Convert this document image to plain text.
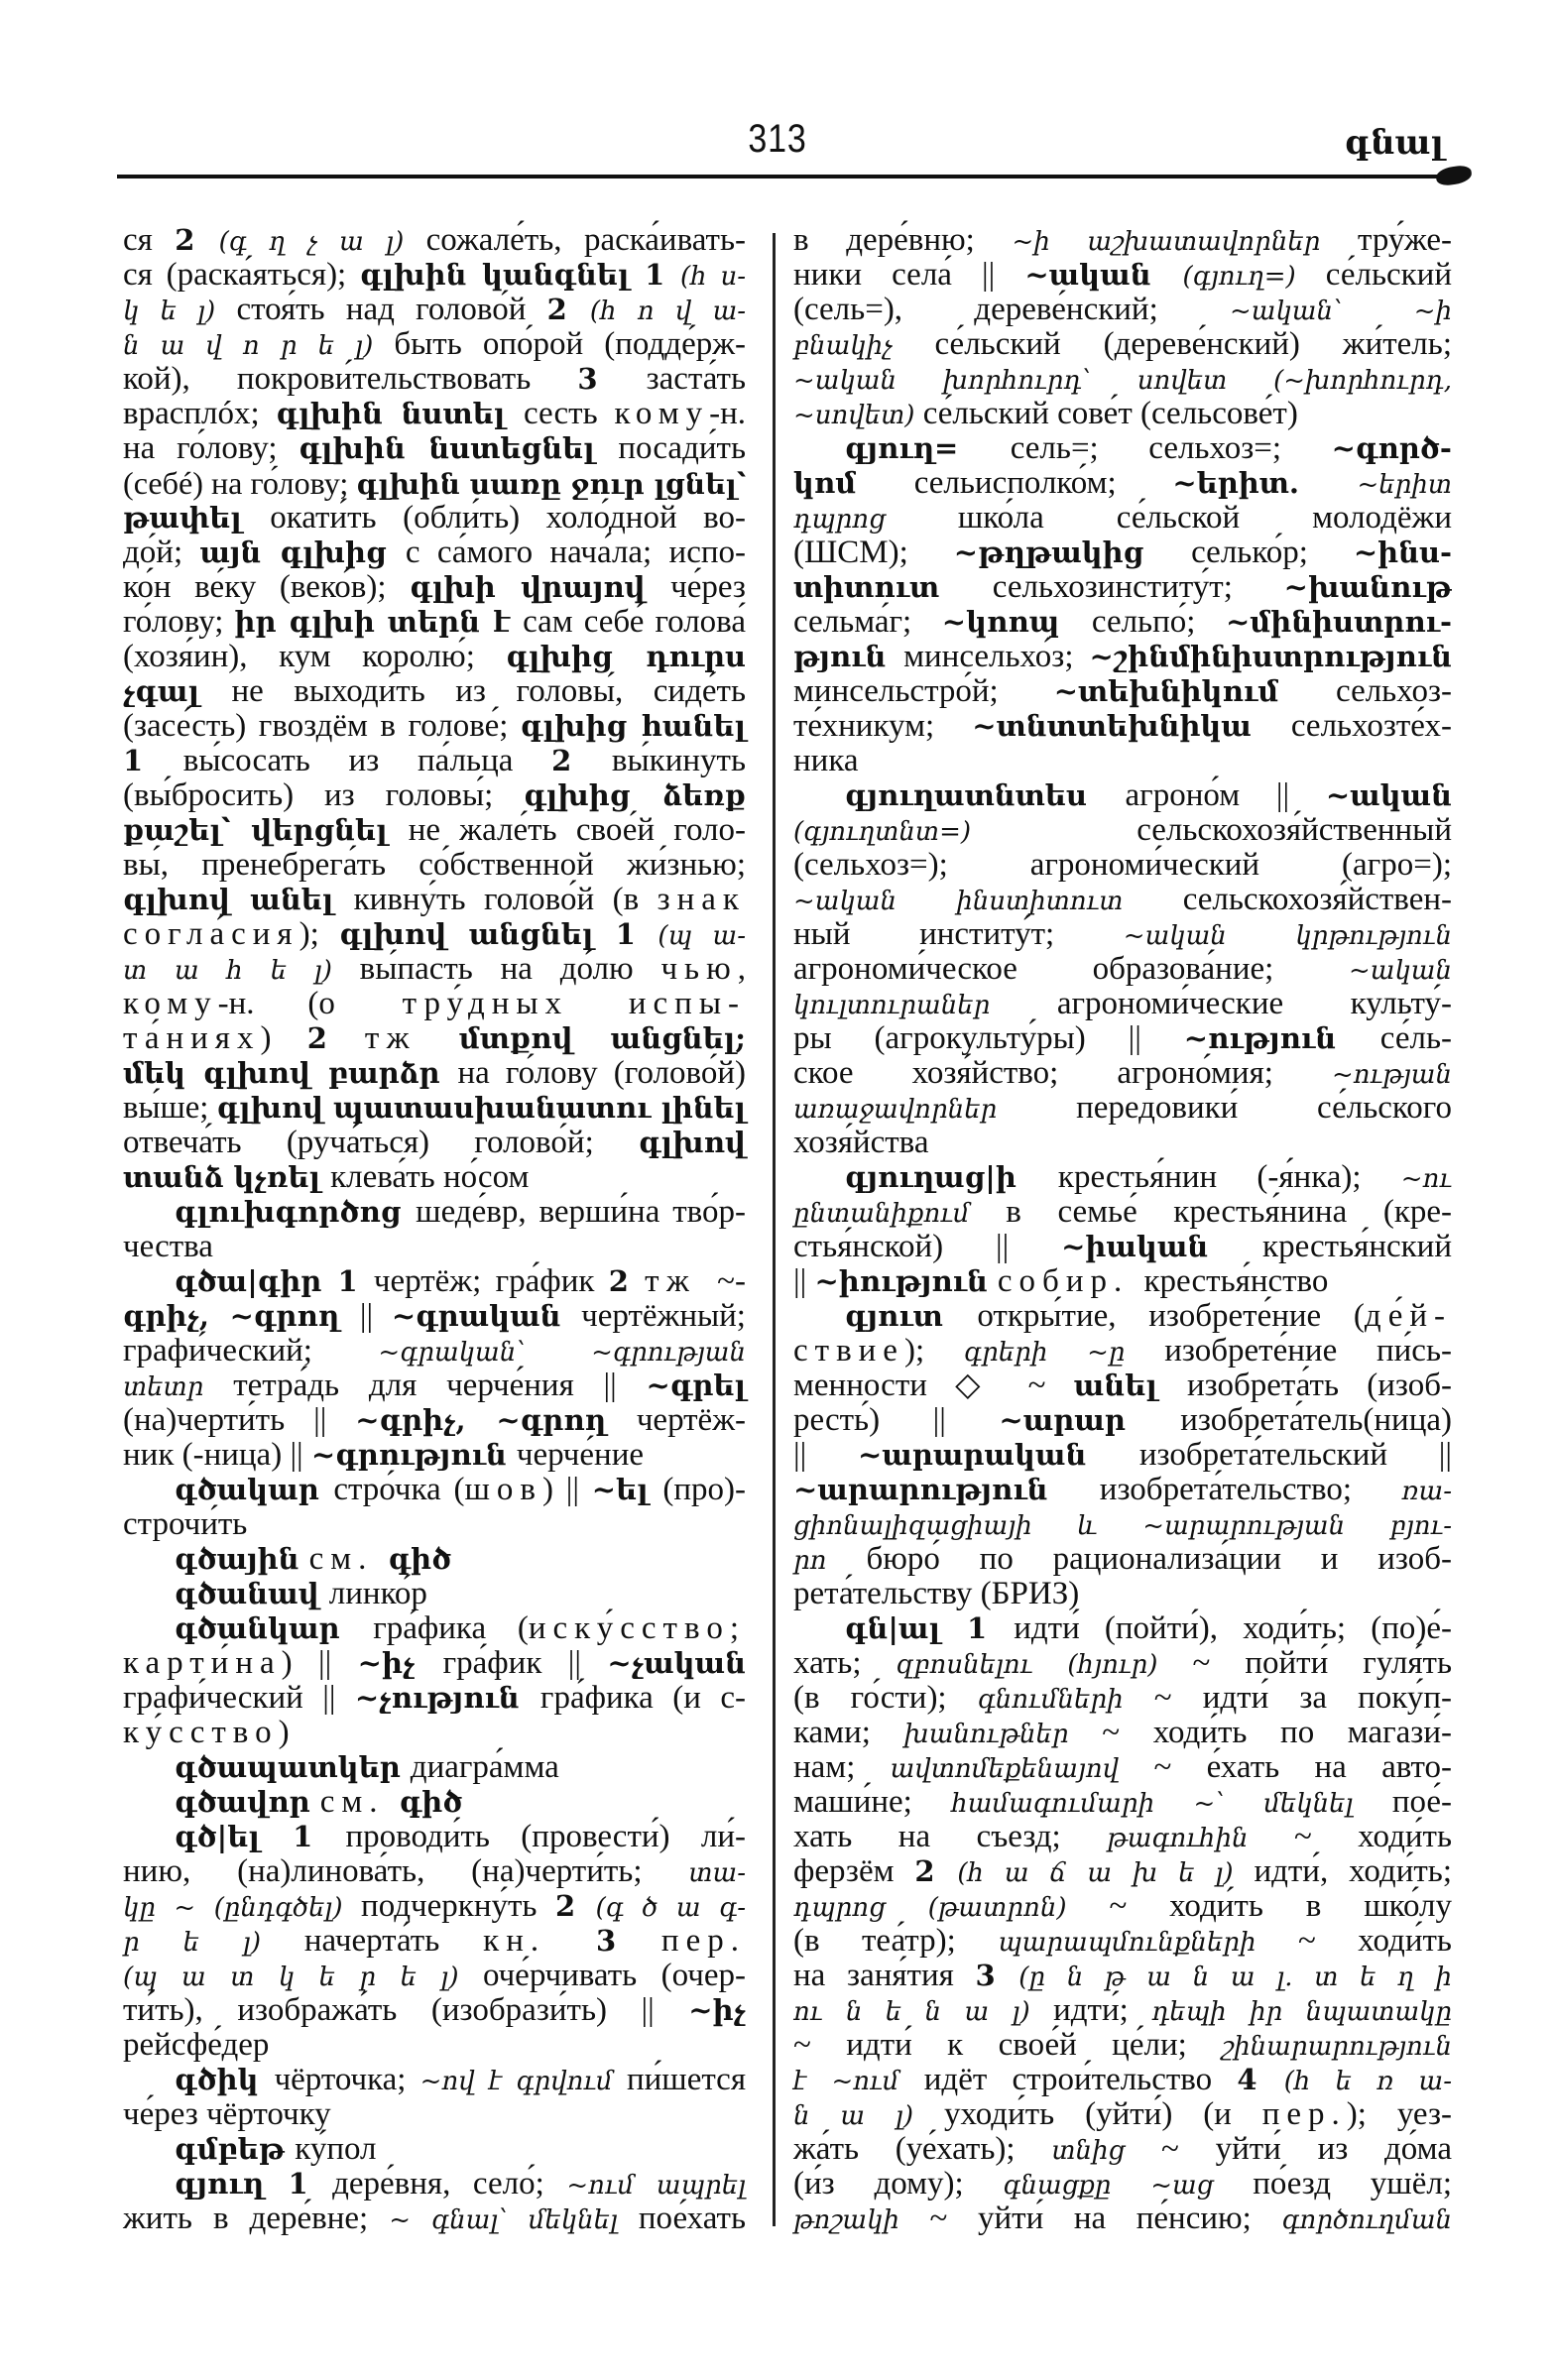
313	գնալ
ся 2 (գ ղ չ ա լ) сожале́ть, раска́ивать-
ся (раска́яться); գլխին կանգնել 1 (հ ս-
կ ե լ) стоя́ть над голово́й 2 (հ ո վ ա-
ն ա վ ո ր ե լ) быть опо́рой (подде́рж-
кой), покрови́тельствовать 3 заста́ть
врасплóх; գլխին նստել сесть кому-н.
на го́лову; գլխին նստեցնել посади́ть
(себé) на го́лову; գլխին սառը ջուր լցնել՝
թափել окати́ть (обли́ть) холо́дной во-
до́й; այն գլխից с са́мого нача́ла; испо-
ко́н ве́ку (веко́в); գլխի վրայով че́рез
го́лову; իր գլխի տերն է сам себе́ голова́
(хозя́ин), кум королю́; գլխից դուրս
չգալ не выходи́ть из головы́, сиде́ть
(засе́сть) гвоздём в голове́; գլխից հանել
1 вы́сосать из па́льца 2 вы́кинуть
(вы́бросить) из головы́; գլխից ձեռք
քաշել՝ վերցնել не жале́ть свое́й голо-
вы́, пренебрега́ть со́бственной жи́знью;
գլխով անել кивну́ть голово́й (в знак
согла́сия); գլխով անցնել 1 (պ ա-
տ ա հ ե լ) вы́пасть на до́лю чью,
кому-н. (о тру́дных испы-
та́ниях) 2 тж մտքով անցնել;
մեկ գլխով բարձր на го́лову (голово́й)
вы́ше; գլխով պատասխանատու լինել
отвеча́ть (руча́ться) голово́й; գլխով
տանձ կչռել клева́ть но́сом
գլուխգործոց шеде́вр, верши́на тво́р-
чества
գծա|գիր 1 чертёж; гра́фик 2 тж ~-
գրիչ, ~գրող || ~գրական чертёжный;
графи́ческий; ~գրական՝ ~գրության
տետր тетра́дь для черче́ния || ~գրել
(на)черти́ть || ~գրիչ, ~գրող чертёж-
ник (-ница) || ~գրություն черче́ние
գծակար стро́чка (шов) || ~ել (про)-
строчи́ть
գծային см. գիծ
գծանավ линко́р
գծանկար гра́фика (иску́сство;
карти́на) || ~իչ гра́фик || ~չական
графи́ческий || ~չություն гра́фика (и с-
ку́сство)
գծապատկեր диагра́мма
գծավոր см. գիծ
գծ|ել 1 проводи́ть (провести́) ли́-
нию, (на)линова́ть, (на)черти́ть; տա-
կը ~ (ընդգծել) подчеркну́ть 2 (գ ծ ա գ-
ր ե լ) начерта́ть кн. 3 пер.
(պ ա տ կ ե ր ե լ) оче́рчивать (очер-
ти́ть), изобража́ть (изобрази́ть) || ~իչ
рейсфе́дер
գծիկ чёрточка; ~ով է գրվում пи́шется
че́рез чёрточку
գմբեթ ку́пол
գյուղ 1 дере́вня, село́; ~ում ապրել
жить в дере́вне; ~ գնալ՝ մեկնել пое́хать
в дере́вню; ~ի աշխատավորներ тру́же-
ники села́ || ~ական (գյուղ=) се́льский
(сель=), дереве́нский; ~ական՝ ~ի
բնակիչ се́льский (дереве́нский) жи́тель;
~ական խորհուրդ՝ սովետ (~խորհուրդ,
~սովետ) се́льский сове́т (сельсове́т)
գյուղ= сель=; сельхоз=; ~գործ-
կոմ сельисполко́м; ~երիտ. ~երիտ
դպրոց шко́ла се́льской молодёжи
(ШСМ); ~թղթակից селько́р; ~ինս-
տիտուտ сельхозинститу́т; ~խանութ
сельма́г; ~կոոպ сельпо́; ~մինիստրու-
թյուն минсельхо́з; ~շինմինիստրություն
минсельстро́й; ~տեխնիկում сельхоз-
те́хникум; ~տնտտեխնիկա сельхозте́х-
ника
գյուղատնտես агроно́м || ~ական
(գյուղտնտ=) сельскохозя́йственный
(сельхоз=); агрономи́ческий (агро=);
~ական ինստիտուտ сельскохозя́йствен-
ный институ́т; ~ական կրթություն
агрономи́ческое образова́ние; ~ական
կուլտուրաներ агрономи́ческие культу́-
ры (агрокульту́ры) || ~ություն се́ль-
ское хозя́йство; агроно́мия; ~ության
առաջավորներ передовики́ се́льского
хозя́йства
գյուղաց|ի крестья́нин (-я́нка); ~ու
ընտանիքում в семье́ крестья́нина (кре-
стья́нской) || ~իական крестья́нский
|| ~իություն собир. крестья́нство
գյուտ откры́тие, изобрете́ние (де́й-
ствие); գրերի ~ը изобрете́ние пи́сь-
менности ◇ ~ անել изобрета́ть (изоб-
ресть́) || ~արար изобрета́тель(ница)
|| ~արարական изобрета́тельский ||
~արարություն изобрета́тельство; ռա-
ցիոնալիզացիայի և ~արարության բյու-
րո бюро́ по рационализа́ции и изоб-
рета́тельству (БРИЗ)
գն|ալ 1 идти́ (пойти́), ходи́ть; (по)е́-
хать; զբոսնելու (հյուր) ~ пойти́ гуля́ть
(в го́сти); գնումների ~ идти́ за поку́п-
ками; խանութներ ~ ходи́ть по магази́-
нам; ավտոմեքենայով ~ е́хать на авто-
маши́не; համագումարի ~՝ մեկնել пое́-
хать на съезд; թագուհին ~ ходи́ть
ферзём 2 (հ ա ճ ա խ ե լ) идти́, ходи́ть;
դպրոց (թատրոն) ~ ходи́ть в шко́лу
(в теа́тр); պարապմունքների ~ ходи́ть
на заня́тия 3 (ը ն թ ա ն ա լ. տ ե ղ ի
ու ն ե ն ա լ) идти́; դեպի իր նպատակը
~ идти́ к свое́й це́ли; շինարարություն
է ~ում идёт строи́тельство 4 (հ ե ռ ա-
ն ա լ) уходи́ть (уйти́) (и пер.); уез-
жа́ть (уе́хать); տնից ~ уйти́ из до́ма
(и́з дому); գնացքը ~աց по́езд ушёл;
թոշակի ~ уйти́ на пе́нсию; գործուղման
